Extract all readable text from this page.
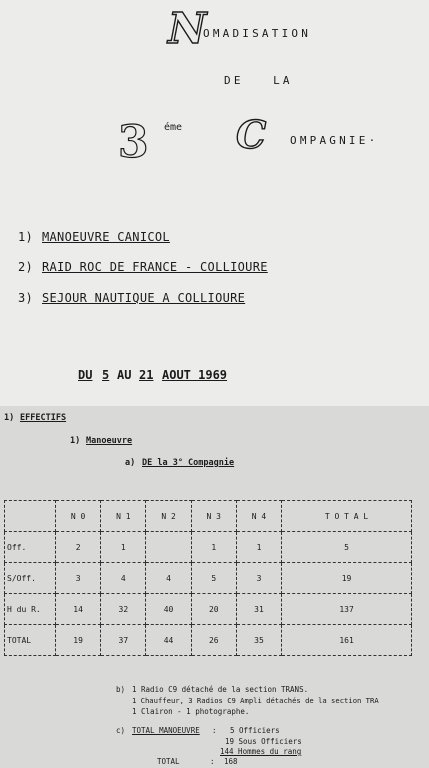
N OMADISATION
DE   LA
3 éme C	OMPAGNIE·
1) MANOEUVRE CANICOL
2) RAID ROC DE FRANCE - COLLIOURE
3) SEJOUR NAUTIQUE A COLLIOURE
DU 5 AU 21 AOUT 1969
1) EFFECTIFS
1) Manoeuvre
a) DE la 3° Compagnie
	N 0	N 1	N 2	N 3	N 4	T O T A L
Off.	2	1		1	1	5
S/Off.	3	4	4	5	3	19
H du R.	14	32	40	20	31	137
TOTAL	19	37	44	26	35	161
b) 1 Radio C9 détaché de la section TRANS.
1 Chauffeur, 3 Radios C9 Ampli détachés de la section TRA
1 Clairon - 1 photographe.
c) TOTAL MANOEUVRE : 5 Officiers
19 Sous Officiers
144 Hommes du rang
TOTAL	: 168
